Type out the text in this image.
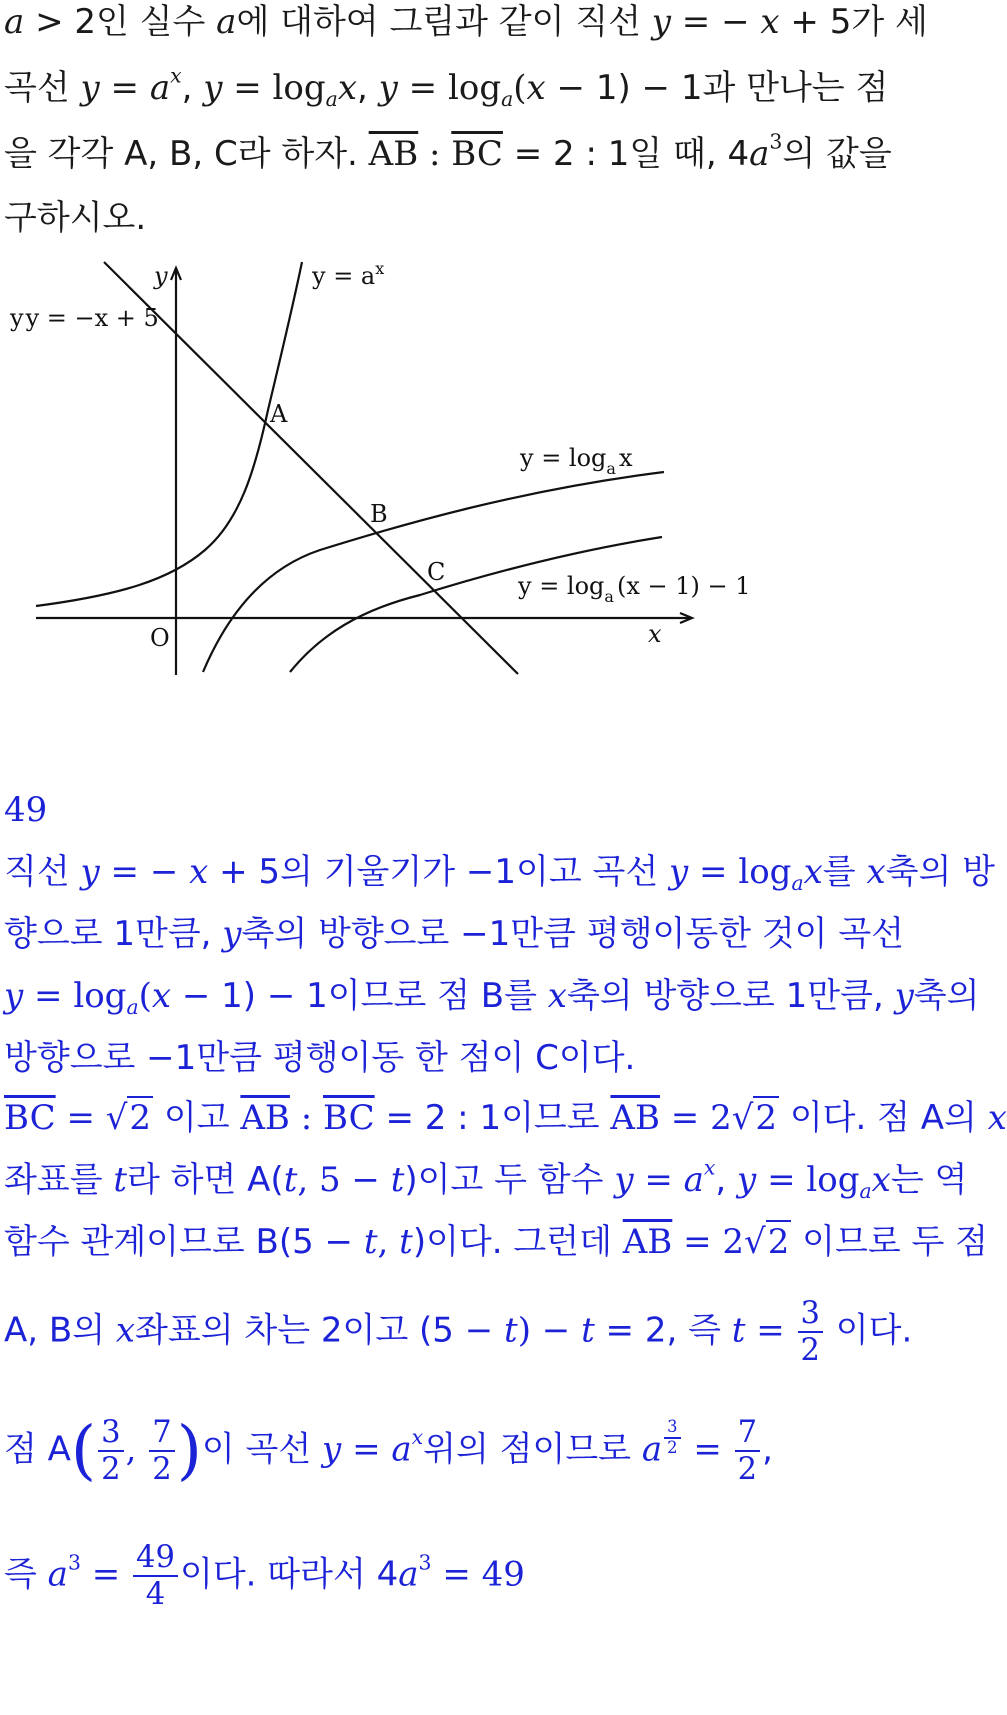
a > 2인 실수 a에 대하여 그림과 같이 직선 y = − x + 5가 세
곡선 $y = a^x$, $y = \log_ax$, $y = \log_a(x - 1) - 1$과 만나는 점
을 각각 A, B, C라 하자. $\overline{AB}$ : $\overline{BC} = 2$ : 1일 때, $4a^3$의 값을
구하시오.
yy = −x + 5
$y = a^x$
$y = \log_a x$
$y = \log_a (x - 1) - 1$
x
y
O
A
B
C
49
직선 y = − x + 5의 기울기가 −1이고 곡선 $y = \log_ax$를 x축의 방
향으로 1만큼, y축의 방향으로 −1만큼 평행이동한 것이 곡선
$y = \log_a(x - 1) - 1$이므로 점 B를 x축의 방향으로 1만큼, y축의
방향으로 −1만큼 평행이동 한 점이 C이다.
$\overline{BC} = √2$ 이고 $\overline{AB}$ : $\overline{BC} = 2$ : 1이므로 $\overline{AB} = 2√2$ 이다. 점 A의 x
좌표를 t라 하면 A(t, 5 − t)이고 두 함수 $y = a^x$, $y = \log_ax$는 역
함수 관계이므로 B(5 − t, t)이다. 그런데 $\overline{AB} = 2√2$ 이므로 두 점
A, B의 x좌표의 차는 2이고 (5 − t) − t = 2, 즉 $t = \frac{3}{2}$ 이다.
점 $A( \frac{3}{2}$ , $\frac{7}{2}$ )이 곡선 $y = a^x$위의 점이므로 a $^{\frac{3}{2}} = \frac{7}{2}$ ,
즉 $a^3 = \frac{49}{4}$ 이다. 따라서 $4a^3 = 49$
